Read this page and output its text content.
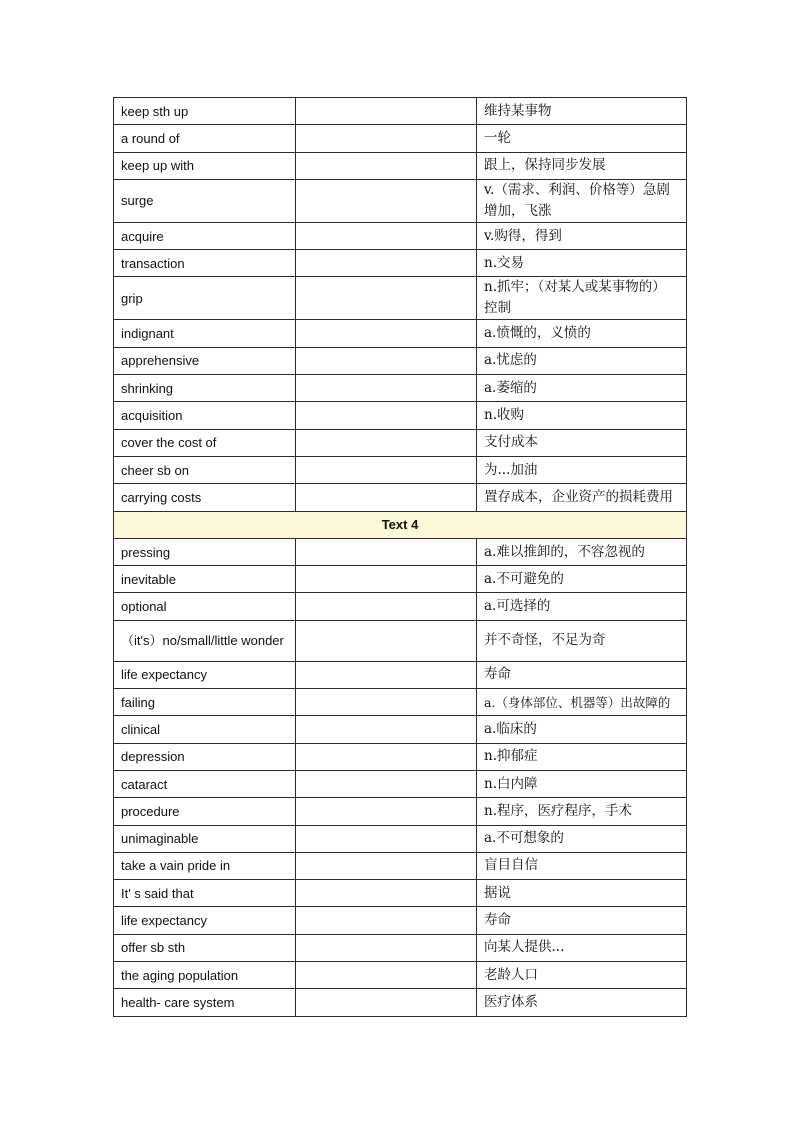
keep sth up		维持某事物
a round of		一轮
keep up with		跟上，保持同步发展
surge		v.（需求、利润、价格等）急剧增加，飞涨
acquire		v.购得，得到
transaction		n.交易
grip		n.抓牢；（对某人或某事物的）控制
indignant		a.愤慨的，义愤的
apprehensive		a.忧虑的
shrinking		a.萎缩的
acquisition		n.收购
cover the cost of		支付成本
cheer sb on		为...加油
carrying costs		置存成本，企业资产的损耗费用
Text 4		
pressing		a.难以推卸的，不容忽视的
inevitable		a.不可避免的
optional		a.可选择的
（it's）no/small/little wonder		并不奇怪，不足为奇
life expectancy		寿命
failing		a.（身体部位、机器等）出故障的
clinical		a.临床的
depression		n.抑郁症
cataract		n.白内障
procedure		n.程序，医疗程序，手术
unimaginable		a.不可想象的
take a vain pride in		盲目自信
It' s said that		据说
life expectancy		寿命
offer sb sth		向某人提供...
the aging population		老龄人口
health- care system		医疗体系
